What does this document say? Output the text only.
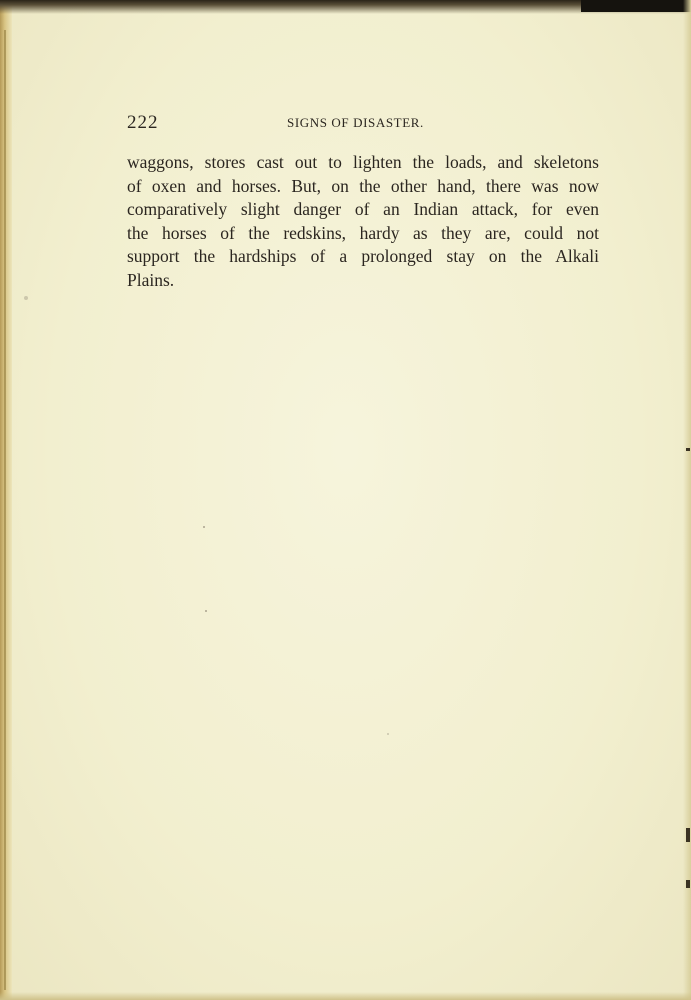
222	SIGNS OF DISASTER.
waggons, stores cast out to lighten the loads, and skeletons
of oxen and horses. But, on the other hand, there was now
comparatively slight danger of an Indian attack, for even
the horses of the redskins, hardy as they are, could not
support the hardships of a prolonged stay on the Alkali
Plains.
